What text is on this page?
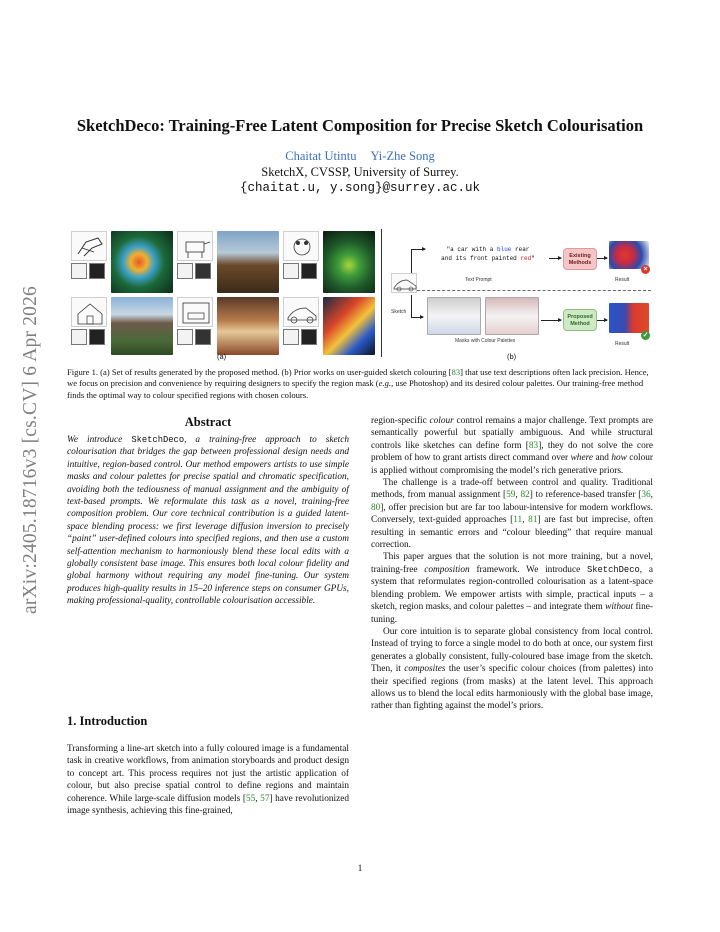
arXiv:2405.18716v3 [cs.CV] 6 Apr 2026
SketchDeco: Training-Free Latent Composition for Precise Sketch Colourisation
Chaitat Utintu Yi-Zhe Song
SketchX, CVSSP, University of Surrey.
{chaitat.u, y.song}@surrey.ac.uk
(a)
"a car with a blue rear
and its front painted red"	Existing Methods
×
Text Prompt	Result
Sketch
Masks with Colour Palettes
Proposed Method
✓
Result
(b)
Figure 1. (a) Set of results generated by the proposed method. (b) Prior works on user-guided sketch colouring [83] that use text descriptions often lack precision. Hence, we focus on precision and convenience by requiring designers to specify the region mask (e.g., use Photoshop) and its desired colour palettes. Our training-free method finds the optimal way to colour specified regions with chosen colours.
Abstract
We introduce SketchDeco, a training-free approach to sketch colourisation that bridges the gap between professional design needs and intuitive, region-based control. Our method empowers artists to use simple masks and colour palettes for precise spatial and chromatic specification, avoiding both the tediousness of manual assignment and the ambiguity of text-based prompts. We reformulate this task as a novel, training-free composition problem. Our core technical contribution is a guided latent-space blending process: we first leverage diffusion inversion to precisely “paint” user-defined colours into specified regions, and then use a custom self-attention mechanism to harmoniously blend these local edits with a globally consistent base image. This ensures both local colour fidelity and global harmony without requiring any model fine-tuning. Our system produces high-quality results in 15–20 inference steps on consumer GPUs, making professional-quality, controllable colourisation accessible.
1. Introduction
Transforming a line-art sketch into a fully coloured image is a fundamental task in creative workflows, from animation storyboards and product design to concept art. This process requires not just the artistic application of colour, but also precise spatial control to define regions and maintain coherence. While large-scale diffusion models [55, 57] have revolutionized image synthesis, achieving this fine-grained,

region-specific colour control remains a major challenge. Text prompts are semantically powerful but spatially ambiguous. And while structural controls like sketches can define form [83], they do not solve the core problem of how to grant artists direct command over where and how colour is applied without compromising the model’s rich generative priors.

The challenge is a trade-off between control and quality. Traditional methods, from manual assignment [59, 82] to reference-based transfer [36, 80], offer precision but are far too labour-intensive for modern workflows. Conversely, text-guided approaches [11, 81] are fast but imprecise, often resulting in semantic errors and “colour bleeding” that require manual correction.

This paper argues that the solution is not more training, but a novel, training-free composition framework. We introduce SketchDeco, a system that reformulates region-controlled colourisation as a latent-space blending problem. We empower artists with simple, practical inputs – a sketch, region masks, and colour palettes – and integrate them without fine-tuning.

Our core intuition is to separate global consistency from local control. Instead of trying to force a single model to do both at once, our system first generates a globally consistent, fully-coloured base image from the sketch. Then, it composites the user’s specific colour choices (from palettes) into their specified regions (from masks) at the latent level. This approach allows us to blend the local edits harmoniously with the global base image, rather than fighting against the model’s priors.

1
